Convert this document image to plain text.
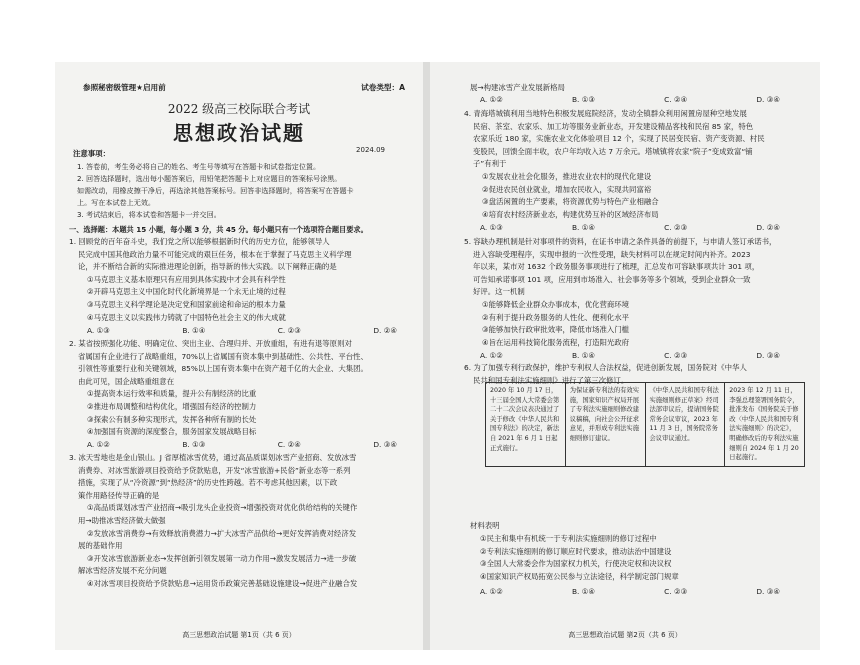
参照秘密级管理★启用前	试卷类型：A
2022 级高三校际联合考试
思想政治试题
2024.09
注意事项：
1. 答卷前，考生务必将自己的姓名、考生号等填写在答题卡和试卷指定位置。
2. 回答选择题时，选出每小题答案后，用铅笔把答题卡上对应题目的答案标号涂黑。
如需改动，用橡皮擦干净后，再选涂其他答案标号。回答非选择题时，将答案写在答题卡
上。写在本试卷上无效。
3. 考试结束后，将本试卷和答题卡一并交回。
一、选择题：本题共 15 小题，每小题 3 分，共 45 分。每小题只有一个选项符合题目要求。
1. 回顾党的百年奋斗史，我们党之所以能够根据新时代的历史方位，能够领导人
民完成中国其他政治力量不可能完成的艰巨任务，根本在于掌握了马克思主义科学理
论，并不断结合新的实际推进理论创新，指导新的伟大实践。以下阐释正确的是
①马克思主义基本原理只有应用到具体实践中才会具有科学性
②开辟马克思主义中国化时代化新境界是一个永无止境的过程
③马克思主义科学理论是决定党和国家前途和命运的根本力量
④马克思主义以实践伟力铸就了中国特色社会主义的伟大成就
A. ①③	B. ①④	C. ②③	D. ②④
2. 某省按照强化功能、明确定位、突出主业、合理归并、开放重组，有进有退等原则对
省属国有企业进行了战略重组，70%以上省属国有资本集中到基础性、公共性、平台性、
引领性等重要行业和关键领域，85%以上国有资本集中在资产超千亿的大企业、大集团。
由此可见，国企战略重组意在
①提高资本运行效率和质量，提升公有制经济的比重
②推进布局调整和结构优化，增强国有经济的控制力
③探索公有制多种实现形式，发挥各种所有制的长处
④加强国有资源的深度整合，服务国家发展战略目标
A. ①②	B. ①③	C. ②④	D. ③④
3. 冰天雪地也是金山银山。J 省厚植冰雪优势，通过高品质谋划冰雪产业招商、发放冰雪
消费券、对冰雪旅游项目投资给予贷款贴息，开发“冰雪旅游+民俗”新业态等一系列
措施，实现了从“冷资源”到“热经济”的历史性跨越。若不考虑其他因素，以下政
策作用路径传导正确的是
①高品质谋划冰雪产业招商→吸引龙头企业投资→增强投资对优化供给结构的关键作
用→助推冰雪经济做大做强
②发放冰雪消费券→有效释放消费潜力→扩大冰雪产品供给→更好发挥消费对经济发
展的基础作用
③开发冰雪旅游新业态→发挥创新引领发展第一动力作用→激发发展活力→进一步破
解冰雪经济发展不充分问题
④对冰雪项目投资给予贷款贴息→运用货币政策完善基础设施建设→促进产业融合发
高三思想政治试题 第1页（共 6 页）
展→构建冰雪产业发展新格局
A. ①②	B. ①③	C. ②④	D. ③④
4. 青海塔城镇利用当地特色积极发展庭院经济，发动全镇群众利用闲置房屋种空地发展
民宿、茶室、农家乐、加工坊等服务业新业态，开发建设精品客栈和民宿 85 家，特色
农家乐近 180 家，实施农业文化体验项目 12 个，实现了民居变民宿、资产变资源、村民
变股民，回馈全面丰收，农户年均收入达 7 万余元。塔城镇将农家“院子”变成致富“铺
子”有利于
①发展农业社会化服务，推进农业农村的现代化建设
②促进农民创业就业，增加农民收入，实现共同富裕
③盘活闲置的生产要素，将资源优势与特色产业相融合
④培育农村经济新业态，构建优势互补的区域经济布局
A. ①③	B. ①④	C. ②③	D. ②④
5. 容缺办理机制是针对事项件的资料，在证书申请之条件具备的前提下，与申请人签订承诺书，
进入容缺受理程序，实现申报的一次性受理，缺失材料可以在规定时间内补齐。2023
年以来，某市对 1632 个政务服务事项进行了梳理，汇总发布可容缺事项共计 301 项，
可告知承诺事项 101 项，应用到市场准入、社会事务等多个领域，受到企业群众一致
好评。这一机制
①能够降低企业群众办事成本，优化营商环境
②有利于提升政务服务的人性化、便利化水平
③能够加快行政审批效率，降低市场准入门槛
④旨在运用科技简化服务流程，打造阳光政府
A. ①②	B. ①④	C. ②③	D. ③④
6. 为了加强专利行政保护，维护专利权人合法权益，促进创新发展，国务院对《中华人
民共和国专利法实施细则》进行了第三次修订。
2020 年 10 月 17 日，十三届全国人大常委会第二十二次会议表决通过了关于修改《中华人民共和国专利法》的决定，新法自 2021 年 6 月 1 日起正式施行。	为保证新专利法的有效实施，国家知识产权局开展了专利法实施细则修改建议稿稿，向社会公开征求意见，并形成专利法实施细则修订建议。	《中华人民共和国专利法实施细则修正草案》经司法部审议后，提请国务院常务会议审议，2023 年 11 月 3 日，国务院常务会议审议通过。	2023 年 12 月 11 日，李强总理签署国务院令，批准发布《国务院关于修改〈中华人民共和国专利法实施细则〉的决定》，明确修改后的专利法实施细则自 2024 年 1 月 20 日起施行。
材料表明
①民主和集中有机统一于专利法实施细则的修订过程中
②专利法实施细则的修订顺应时代要求，推动法治中国建设
③全国人大常委会作为国家权力机关，行使决定权和决议权
④国家知识产权局拓宽公民参与立法途径，科学制定部门规章
A. ①②	B. ①④	C. ②③	D. ③④
高三思想政治试题 第2页（共 6 页）
